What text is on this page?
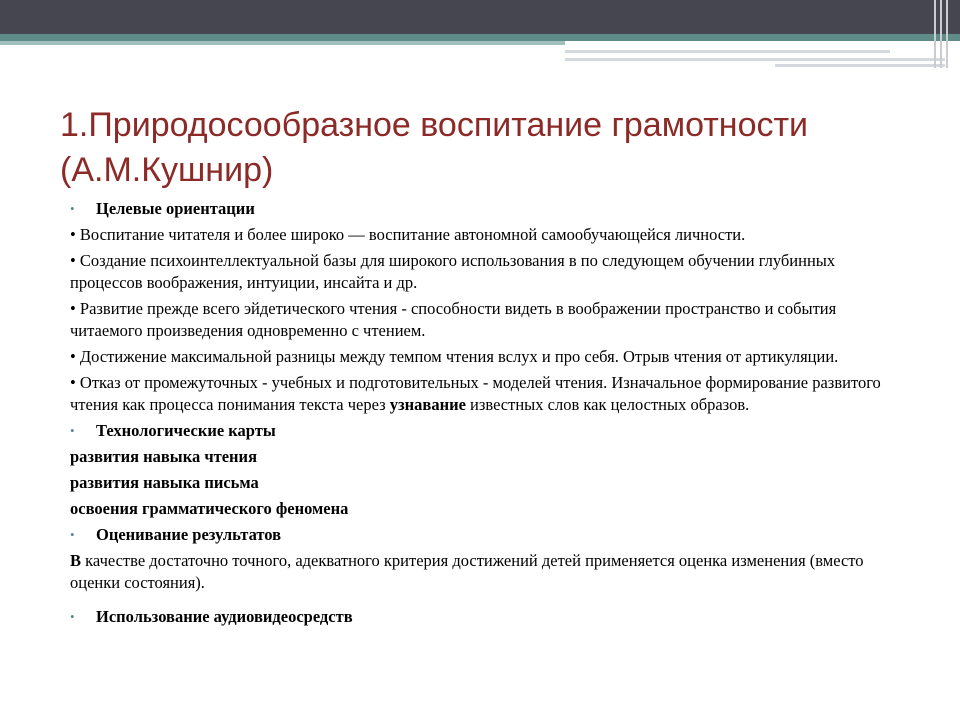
1.Природосообразное воспитание грамотности
(А.М.Кушнир)
• Целевые ориентации

• Воспитание читателя и более широко — воспитание автономной самообучающейся личности.

• Создание психоинтеллектуальной базы для широкого использования в по следующем обучении глубинных процессов воображения, интуиции, инсайта и др.

• Развитие прежде всего эйдетического чтения - способности видеть в воображении пространство и события читаемого произведения одновременно с чтением.

• Достижение максимальной разницы между темпом чтения вслух и про себя. Отрыв чтения от артикуляции.

• Отказ от промежуточных - учебных и подготовительных - моделей чтения. Изначальное формирование развитого чтения как процесса понимания текста через узнавание известных слов как целостных образов.

• Технологические карты
развития навыка чтения
развития навыка письма
освоения грамматического феномена
• Оценивание результатов

В качестве достаточно точного, адекватного критерия достижений детей применяется оценка изменения (вместо оценки состояния).

• Использование аудиовидеосредств
